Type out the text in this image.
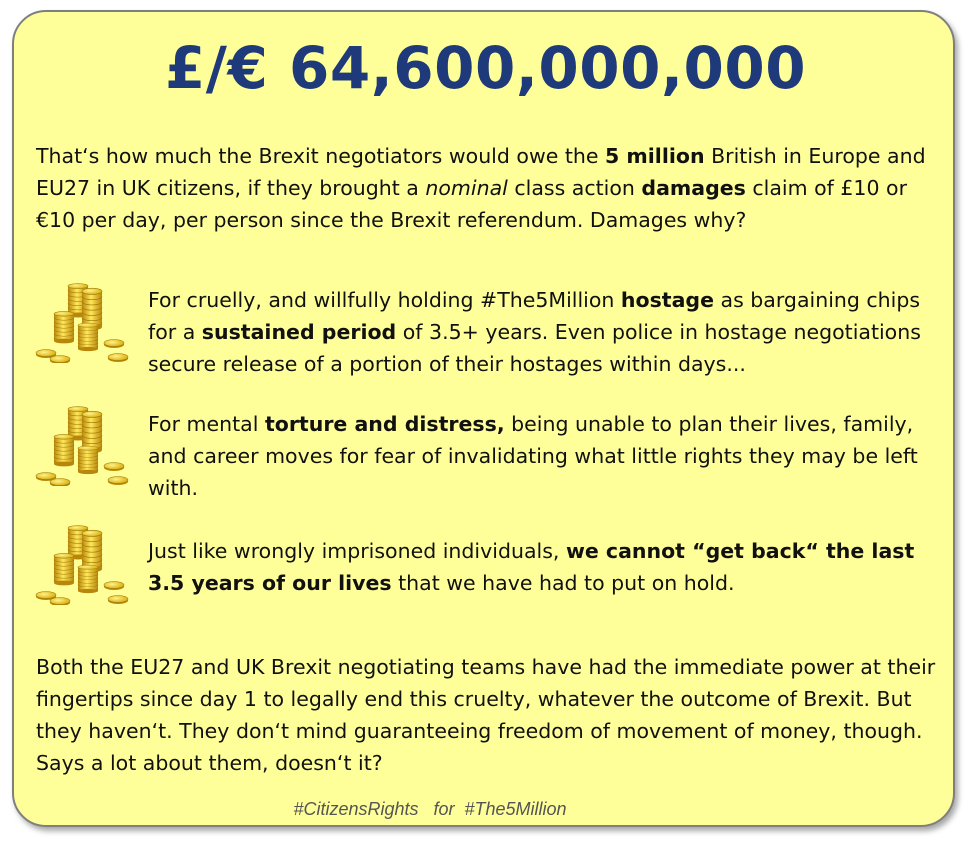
£/€ 64,600,000,000
That‘s how much the Brexit negotiators would owe the 5 million British in Europe and EU27 in UK citizens, if they brought a nominal class action damages claim of £10 or €10 per day, per person since the Brexit referendum. Damages why?
For cruelly, and willfully holding #The5Million hostage as bargaining chips for a sustained period of 3.5+ years. Even police in hostage negotiations secure release of a portion of their hostages within days...
For mental torture and distress, being unable to plan their lives, family, and career moves for fear of invalidating what little rights they may be left with.
Just like wrongly imprisoned individuals, we cannot “get back“ the last 3.5 years of our lives that we have had to put on hold.
Both the EU27 and UK Brexit negotiating teams have had the immediate power at their fingertips since day 1 to legally end this cruelty, whatever the outcome of Brexit. But they haven‘t. They don‘t mind guaranteeing freedom of movement of money, though. Says a lot about them, doesn‘t it?
#CitizensRights   for  #The5Million
